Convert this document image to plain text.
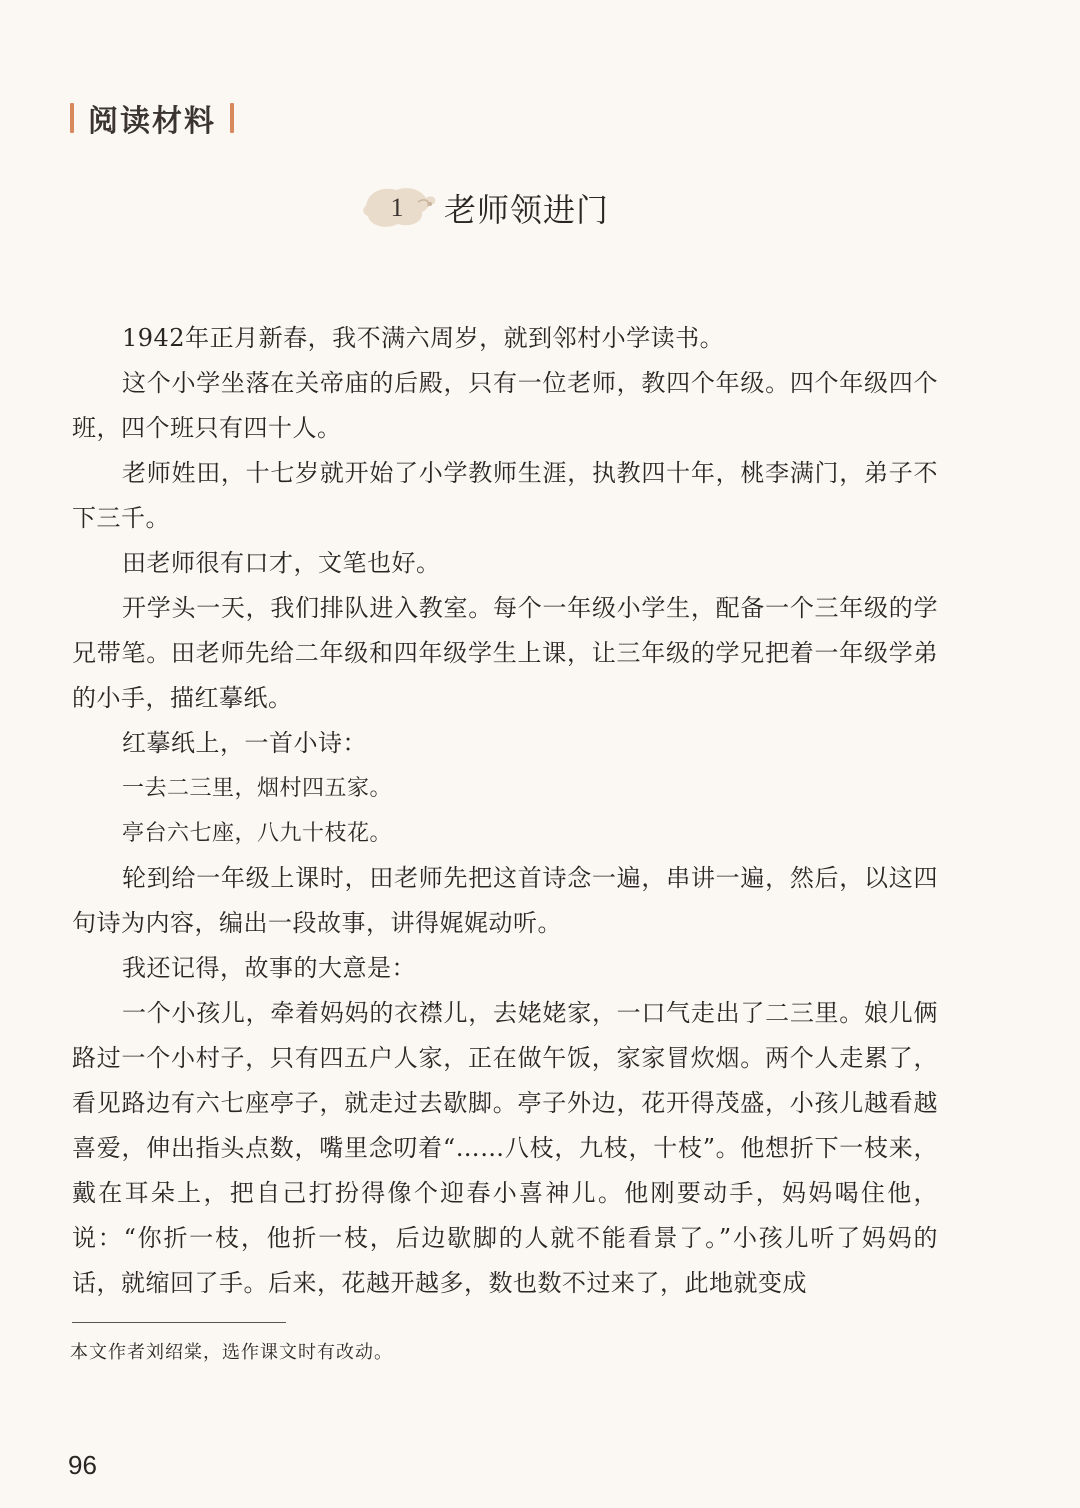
阅读材料
1 老师领进门

1942年正月新春，我不满六周岁，就到邻村小学读书。

这个小学坐落在关帝庙的后殿，只有一位老师，教四个年级。四个年级四个班，四个班只有四十人。

老师姓田，十七岁就开始了小学教师生涯，执教四十年，桃李满门，弟子不下三千。

田老师很有口才，文笔也好。

开学头一天，我们排队进入教室。每个一年级小学生，配备一个三年级的学兄带笔。田老师先给二年级和四年级学生上课，让三年级的学兄把着一年级学弟的小手，描红摹纸。

红摹纸上，一首小诗：

一去二三里，烟村四五家。

亭台六七座，八九十枝花。

轮到给一年级上课时，田老师先把这首诗念一遍，串讲一遍，然后，以这四句诗为内容，编出一段故事，讲得娓娓动听。

我还记得，故事的大意是：

一个小孩儿，牵着妈妈的衣襟儿，去姥姥家，一口气走出了二三里。娘儿俩路过一个小村子，只有四五户人家，正在做午饭，家家冒炊烟。两个人走累了，看见路边有六七座亭子，就走过去歇脚。亭子外边，花开得茂盛，小孩儿越看越喜爱，伸出指头点数，嘴里念叨着“……八枝，九枝，十枝”。他想折下一枝来，戴在耳朵上，把自己打扮得像个迎春小喜神儿。他刚要动手，妈妈喝住他，说：“你折一枝，他折一枝，后边歇脚的人就不能看景了。”小孩儿听了妈妈的话，就缩回了手。后来，花越开越多，数也数不过来了，此地就变成

本文作者刘绍棠，选作课文时有改动。
96
